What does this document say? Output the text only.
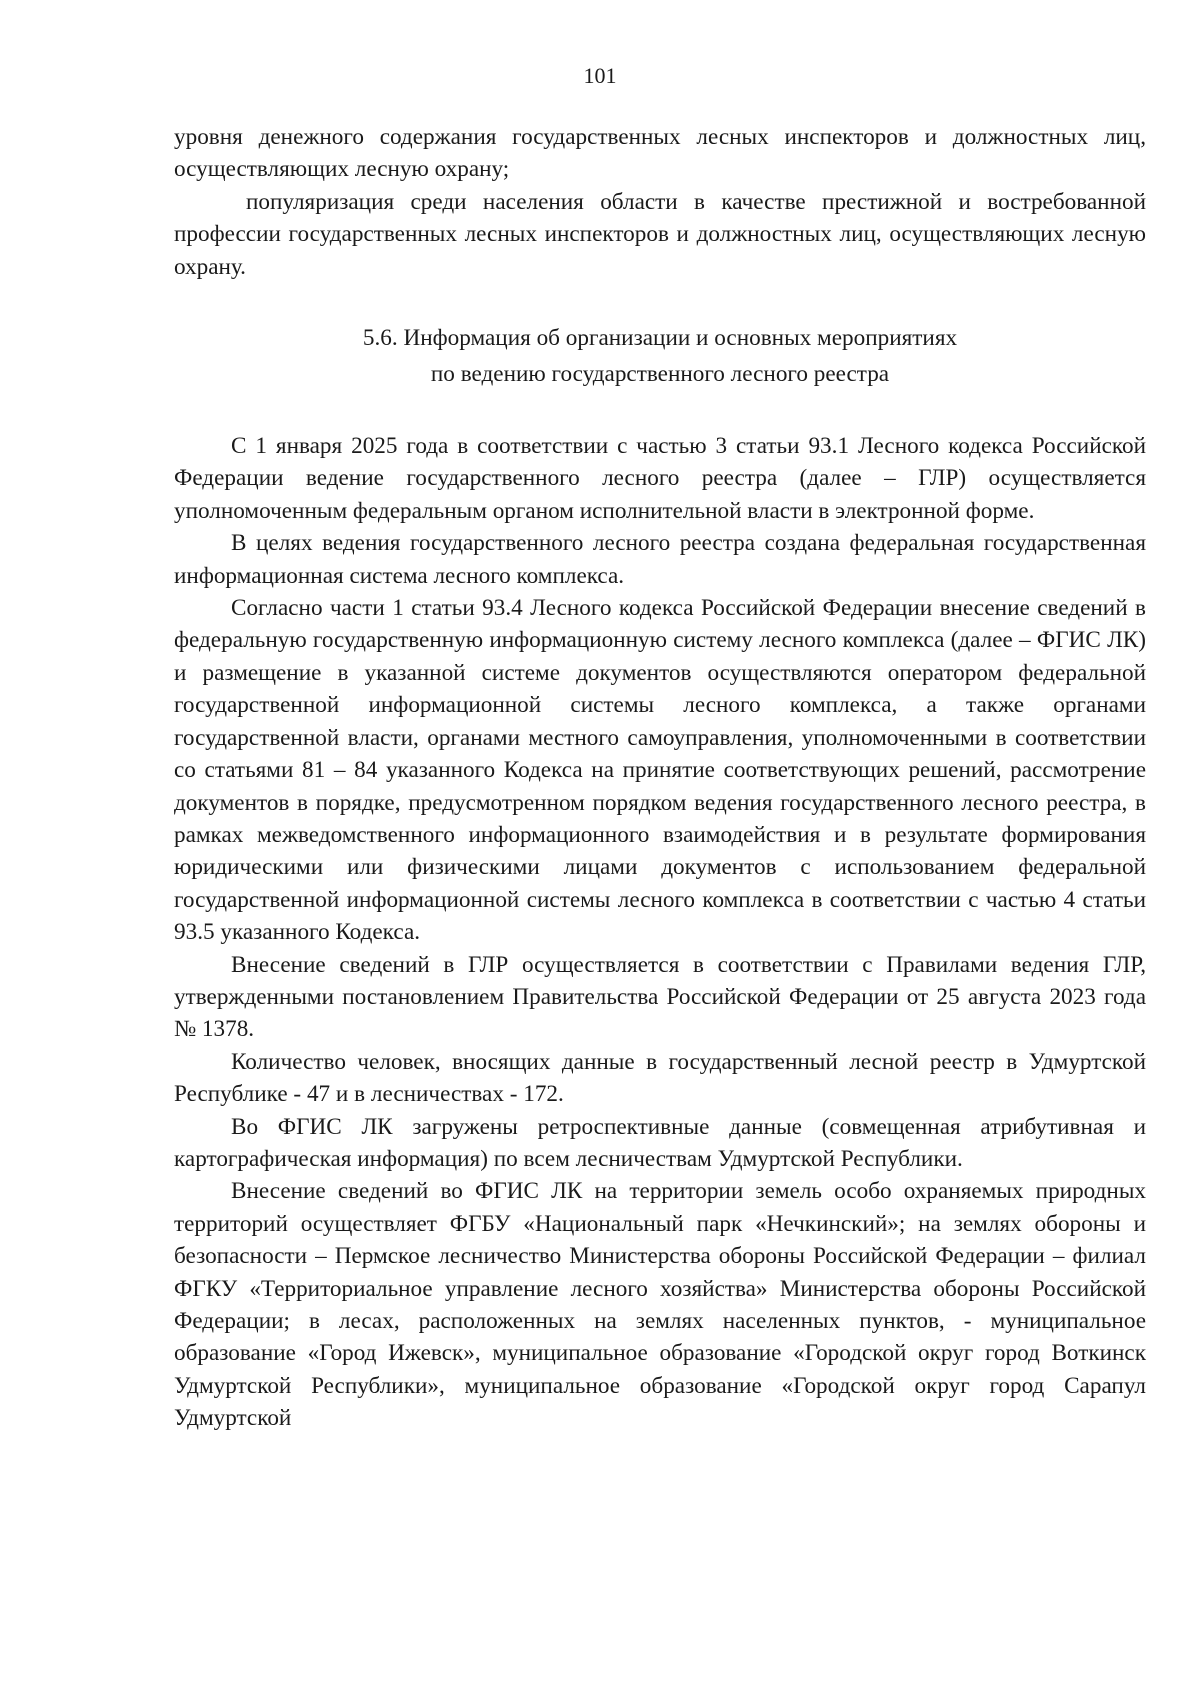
101

уровня денежного содержания государственных лесных инспекторов и должностных лиц, осуществляющих лесную охрану;

популяризация среди населения области в качестве престижной и востребованной профессии государственных лесных инспекторов и должностных лиц, осуществляющих лесную охрану.

5.6. Информация об организации и основных мероприятиях
по ведению государственного лесного реестра

С 1 января 2025 года в соответствии с частью 3 статьи 93.1 Лесного кодекса Российской Федерации ведение государственного лесного реестра (далее – ГЛР) осуществляется уполномоченным федеральным органом исполнительной власти в электронной форме.

В целях ведения государственного лесного реестра создана федеральная государственная информационная система лесного комплекса.

Согласно части 1 статьи 93.4 Лесного кодекса Российской Федерации внесение сведений в федеральную государственную информационную систему лесного комплекса (далее – ФГИС ЛК) и размещение в указанной системе документов осуществляются оператором федеральной государственной информационной системы лесного комплекса, а также органами государственной власти, органами местного самоуправления, уполномоченными в соответствии со статьями 81 – 84 указанного Кодекса на принятие соответствующих решений, рассмотрение документов в порядке, предусмотренном порядком ведения государственного лесного реестра, в рамках межведомственного информационного взаимодействия и в результате формирования юридическими или физическими лицами документов с использованием федеральной государственной информационной системы лесного комплекса в соответствии с частью 4 статьи 93.5 указанного Кодекса.

Внесение сведений в ГЛР осуществляется в соответствии с Правилами ведения ГЛР, утвержденными постановлением Правительства Российской Федерации от 25 августа 2023 года № 1378.

Количество человек, вносящих данные в государственный лесной реестр в Удмуртской Республике - 47 и в лесничествах - 172.

Во ФГИС ЛК загружены ретроспективные данные (совмещенная атрибутивная и картографическая информация) по всем лесничествам Удмуртской Республики.

Внесение сведений во ФГИС ЛК на территории земель особо охраняемых природных территорий осуществляет ФГБУ «Национальный парк «Нечкинский»; на землях обороны и безопасности – Пермское лесничество Министерства обороны Российской Федерации – филиал ФГКУ «Территориальное управление лесного хозяйства» Министерства обороны Российской Федерации; в лесах, расположенных на землях населенных пунктов, - муниципальное образование «Город Ижевск», муниципальное образование «Городской округ город Воткинск Удмуртской Республики», муниципальное образование «Городской округ город Сарапул Удмуртской
